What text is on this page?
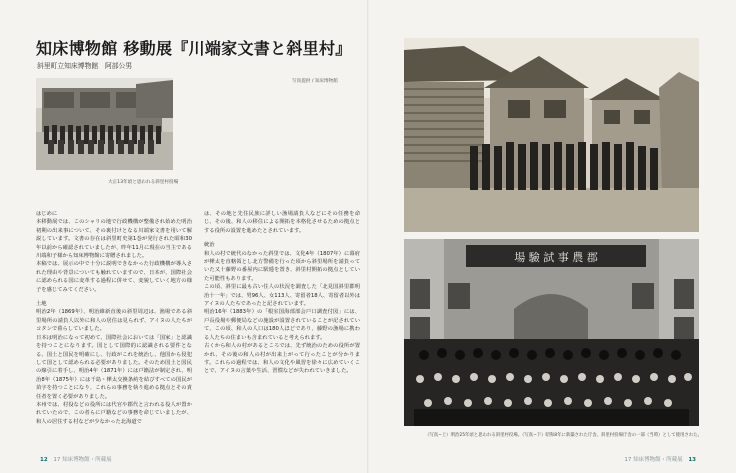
知床博物館 移動展『川端家文書と斜里村』
斜里町立知床博物館　阿部公男
写真提供 / 知床博物館
大正13年頃と思われる斜里村役場

はじめに

本移動展では、このシャリの地で行政機構が整備され始めた明治初期の出来事について、その裏付けとなる川端家文書を用いて解説しています。文書の存在は斜里町史第1巻が発行された昭和30年以前から確認されていましたが、昨年11月に現在の当主である川端和子様から知床博物館に寄贈されました。

本稿では、展示の中で十分に説明できなかった行政機構が導入された理由や背景についても触れていますので、日本が、国際社会に認められる国に変革する過程に併せて、変貌していく地方の様子を感じてみてください。

土地

明治2年（1869年）、明治維新直後の斜里周辺は、漁場である斜里場所の請負人以外に和人の居住は見られず、アイヌの人たちがコタンで暮らしていました。

日本は明治になって初めて、国際社会においては「国家」と認識を持つことになります。国として国際的に認識される要件となる、国土と国民を明確にし、行政がこれを統治し、他国から侵犯して国として認められる必要がありました。そのため国土と国民の線引に着手し、明治4年（1871年）には戸籍法が制定され、明治8年（1875年）には千島・樺太交換条約を結びすべての国民が苗字を持つことになり、これらの事務を執り進める拠点とその責任者を置く必要がありました。

本州では、村役などの役所には代官や郡代と言われる役人が置かれていたので、この者らに戸籍などの事務を命じていましたが、和人の居住する村などが少なかった北海道で

は、その地と先住民族に詳しい漁場請負人などにその任務を命じ、その後、和人の移住による開拓を本格化させるための拠点とする役所の設置を進めたとされています。

統治

和人の村で統代のなかった斜里では、文化4年（1807年）に幕府が樺太を直轄領とし北方警備を行った頃から斜里場所を請負っていた又十藤野の番屋内に駅逓を置き、斜里村開拓の拠点としていた可能性もあります。

この頃、斜里に最も古い住人の状況を調査した「北見国斜里郡明治十一年」では、男96人、女113人、寄留者18人、寄留者以外はアイヌの人たちであったと記されています。

明治16年（1883年）の「根室国海部部会戸口調査付図」には、戸長役場や郵便局などの施設が設置されていることが記されていて、この頃、和人の人口は180人ほどであり、藤野の漁場に携わる人たちの住まいも含まれていると考えられます。

古くから和人の村があるところでは、先ず統治のための役所が置かれ、その後の和人の村が出来上がって行ったことが分かります。これらの過程では、和人の文化や風習を徐々に広めていくことで、アイヌの言葉や生活、習慣などが失われていきました。

12 17 知床博物館・所蔵展
場 驗 試 事 農 郡
（写真−上）明治25年頃と思われる斜里村役場。（写真−下）昭和8年に新築された庁舎。斜里村役場庁舎の一部（当時）として使用された。
17 知床博物館・所蔵展 13
